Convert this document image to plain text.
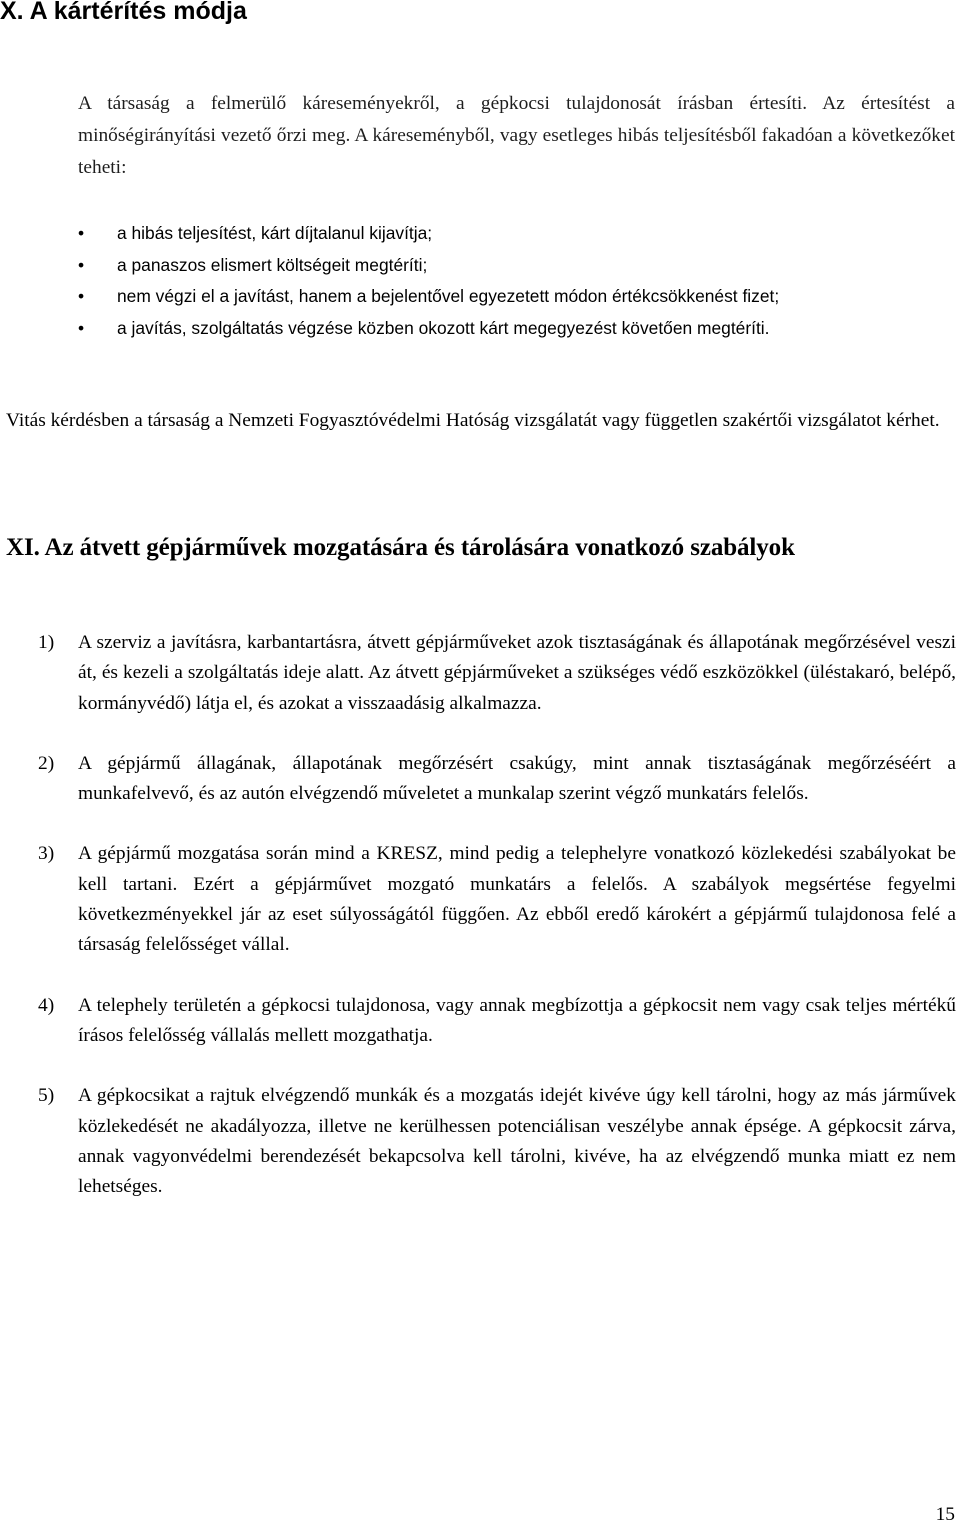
X. A kártérítés módja
A társaság a felmerülő káreseményekről, a gépkocsi tulajdonosát írásban értesíti. Az értesítést a minőségirányítási vezető őrzi meg. A káreseményből, vagy esetleges hibás teljesítésből fakadóan a következőket teheti:
• a hibás teljesítést, kárt díjtalanul kijavítja;
• a panaszos elismert költségeit megtéríti;
• nem végzi el a javítást, hanem a bejelentővel egyezetett módon értékcsökkenést fizet;
• a javítás, szolgáltatás végzése közben okozott kárt megegyezést követően megtéríti.
Vitás kérdésben a társaság a Nemzeti Fogyasztóvédelmi Hatóság vizsgálatát vagy független szakértői vizsgálatot kérhet.
XI. Az átvett gépjárművek mozgatására és tárolására vonatkozó szabályok
1) A szerviz a javításra, karbantartásra, átvett gépjárműveket azok tisztaságának és állapotának megőrzésével veszi át, és kezeli a szolgáltatás ideje alatt. Az átvett gépjárműveket a szükséges védő eszközökkel (üléstakaró, belépő, kormányvédő) látja el, és azokat a visszaadásig alkalmazza.
2) A gépjármű állagának, állapotának megőrzésért csakúgy, mint annak tisztaságának megőrzéséért a munkafelvevő, és az autón elvégzendő műveletet a munkalap szerint végző munkatárs felelős.
3) A gépjármű mozgatása során mind a KRESZ, mind pedig a telephelyre vonatkozó közlekedési szabályokat be kell tartani. Ezért a gépjárművet mozgató munkatárs a felelős. A szabályok megsértése fegyelmi következményekkel jár az eset súlyosságától függően. Az ebből eredő károkért a gépjármű tulajdonosa felé a társaság felelősséget vállal.
4) A telephely területén a gépkocsi tulajdonosa, vagy annak megbízottja a gépkocsit nem vagy csak teljes mértékű írásos felelősség vállalás mellett mozgathatja.
5) A gépkocsikat a rajtuk elvégzendő munkák és a mozgatás idejét kivéve úgy kell tárolni, hogy az más járművek közlekedését ne akadályozza, illetve ne kerülhessen potenciálisan veszélybe annak épsége. A gépkocsit zárva, annak vagyonvédelmi berendezését bekapcsolva kell tárolni, kivéve, ha az elvégzendő munka miatt ez nem lehetséges.
15
